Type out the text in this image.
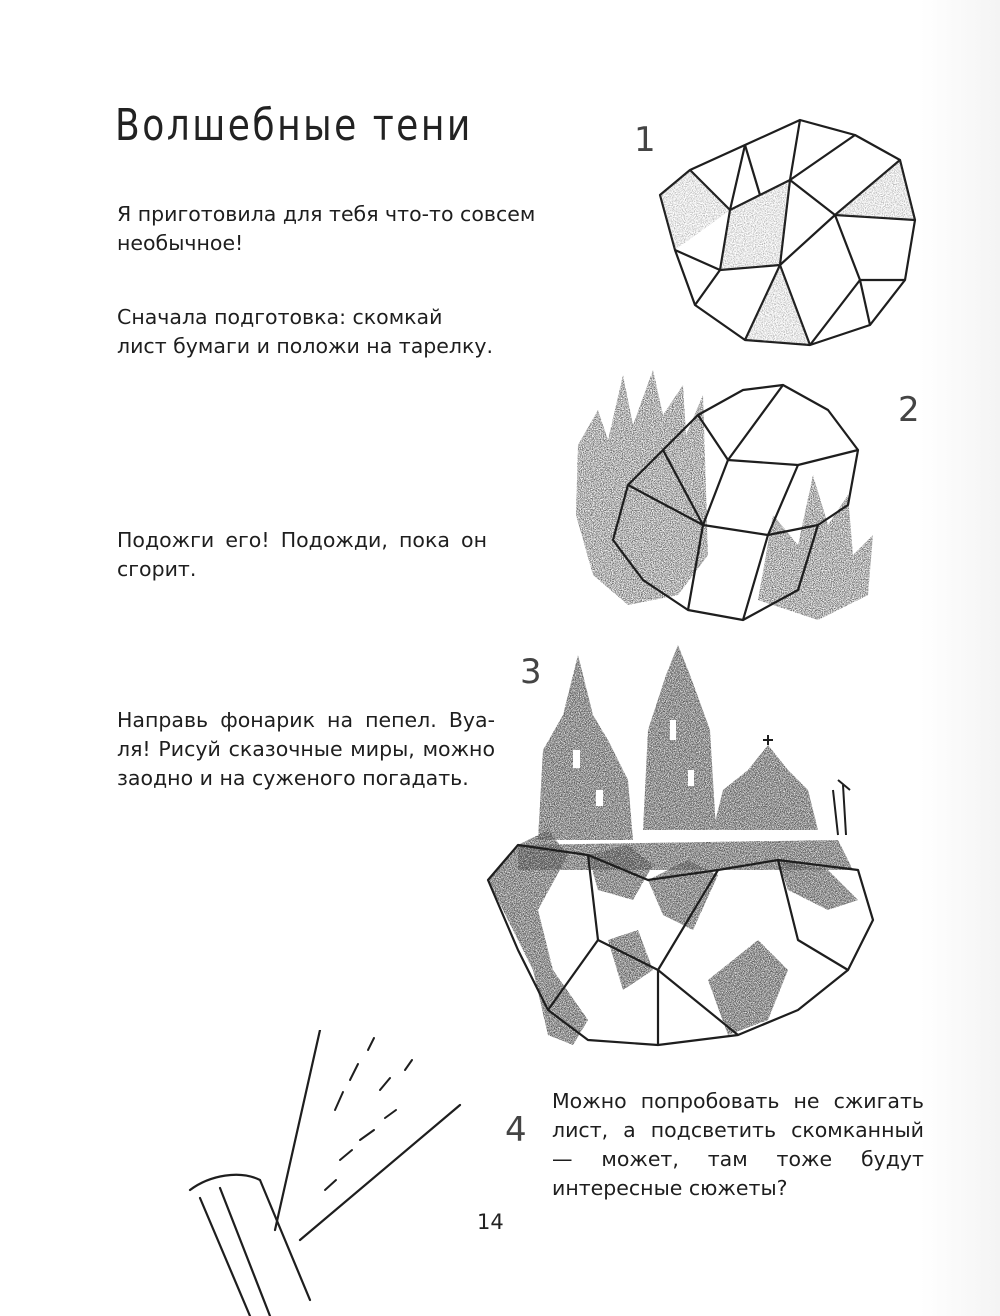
Волшебные тени

Я приготовила для тебя что-то совсем необычное!

Сначала подготовка: скомкай лист бумаги и положи на тарелку.

Подожги его! Подожди, пока он сгорит.

Направь фонарик на пепел. Вуа-ля! Рисуй сказочные миры, можно заодно и на суженого погадать.

Можно попробовать не сжигать лист, а подсветить скомканный — может, там тоже будут интересные сюжеты?

1
2
3
4
14
